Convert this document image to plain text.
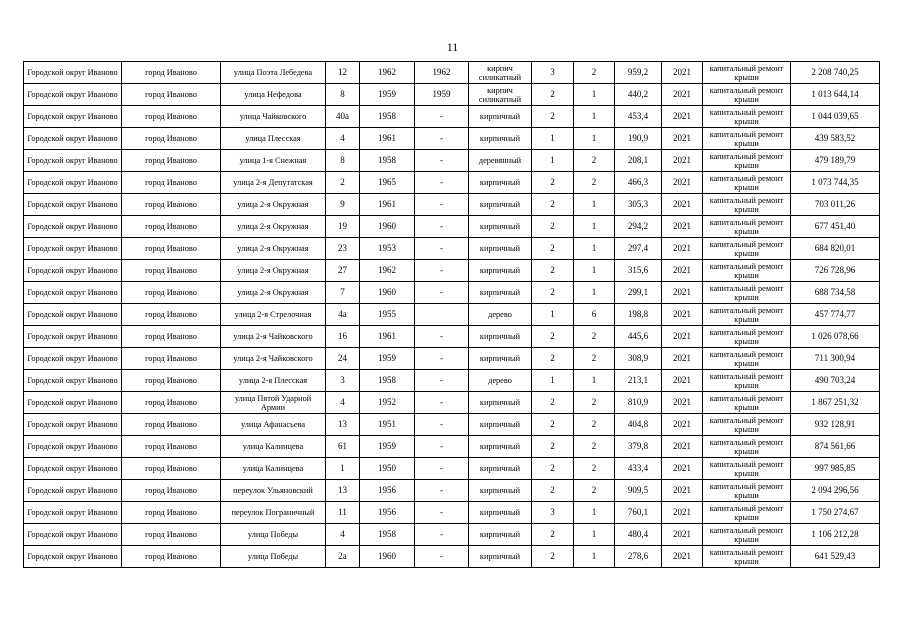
11
Городской округ Иваново	город Иваново	улица Поэта Лебедева	12	1962	1962	кирпич силикатный	3	2	959,2	2021	капитальный ремонт крыши	2 208 740,25
Городской округ Иваново	город Иваново	улица Нефедова	8	1959	1959	кирпич силикатный	2	1	440,2	2021	капитальный ремонт крыши	1 013 644,14
Городской округ Иваново	город Иваново	улица Чайковского	40а	1958	-	кирпичный	2	1	453,4	2021	капитальный ремонт крыши	1 044 039,65
Городской округ Иваново	город Иваново	улица Плесская	4	1961	-	кирпичный	1	1	190,9	2021	капитальный ремонт крыши	439 583,52
Городской округ Иваново	город Иваново	улица 1-я Снежная	8	1958	-	деревянный	1	2	208,1	2021	капитальный ремонт крыши	479 189,79
Городской округ Иваново	город Иваново	улица 2-я Депутатская	2	1965	-	кирпичный	2	2	466,3	2021	капитальный ремонт крыши	1 073 744,35
Городской округ Иваново	город Иваново	улица 2-я Окружная	9	1961	-	кирпичный	2	1	305,3	2021	капитальный ремонт крыши	703 011,26
Городской округ Иваново	город Иваново	улица 2-я Окружная	19	1960	-	кирпичный	2	1	294,2	2021	капитальный ремонт крыши	677 451,40
Городской округ Иваново	город Иваново	улица 2-я Окружная	23	1953	-	кирпичный	2	1	297,4	2021	капитальный ремонт крыши	684 820,01
Городской округ Иваново	город Иваново	улица 2-я Окружная	27	1962	-	кирпичный	2	1	315,6	2021	капитальный ремонт крыши	726 728,96
Городской округ Иваново	город Иваново	улица 2-я Окружная	7	1960	-	кирпичный	2	1	299,1	2021	капитальный ремонт крыши	688 734,58
Городской округ Иваново	город Иваново	улица 2-я Стрелочная	4а	1955		дерево	1	6	198,8	2021	капитальный ремонт крыши	457 774,77
Городской округ Иваново	город Иваново	улица 2-я Чайковского	16	1961	-	кирпичный	2	2	445,6	2021	капитальный ремонт крыши	1 026 078,66
Городской округ Иваново	город Иваново	улица 2-я Чайковского	24	1959	-	кирпичный	2	2	308,9	2021	капитальный ремонт крыши	711 300,94
Городской округ Иваново	город Иваново	улица 2-я Плесская	3	1958	-	дерево	1	1	213,1	2021	капитальный ремонт крыши	490 703,24
Городской округ Иваново	город Иваново	улица Пятой Ударной Армии	4	1952	-	кирпичный	2	2	810,9	2021	капитальный ремонт крыши	1 867 251,32
Городской округ Иваново	город Иваново	улица Афанасьева	13	1951	-	кирпичный	2	2	404,8	2021	капитальный ремонт крыши	932 128,91
Городской округ Иваново	город Иваново	улица Калинцева	61	1959	-	кирпичный	2	2	379,8	2021	капитальный ремонт крыши	874 561,66
Городской округ Иваново	город Иваново	улица Калинцева	1	1950	-	кирпичный	2	2	433,4	2021	капитальный ремонт крыши	997 985,85
Городской округ Иваново	город Иваново	переулок Ульяновский	13	1956	-	кирпичный	2	2	909,5	2021	капитальный ремонт крыши	2 094 296,56
Городской округ Иваново	город Иваново	переулок Пограничный	11	1956	-	кирпичный	3	1	760,1	2021	капитальный ремонт крыши	1 750 274,67
Городской округ Иваново	город Иваново	улица Победы	4	1958	-	кирпичный	2	1	480,4	2021	капитальный ремонт крыши	1 106 212,28
Городской округ Иваново	город Иваново	улица Победы	2а	1960	-	кирпичный	2	1	278,6	2021	капитальный ремонт крыши	641 529,43
